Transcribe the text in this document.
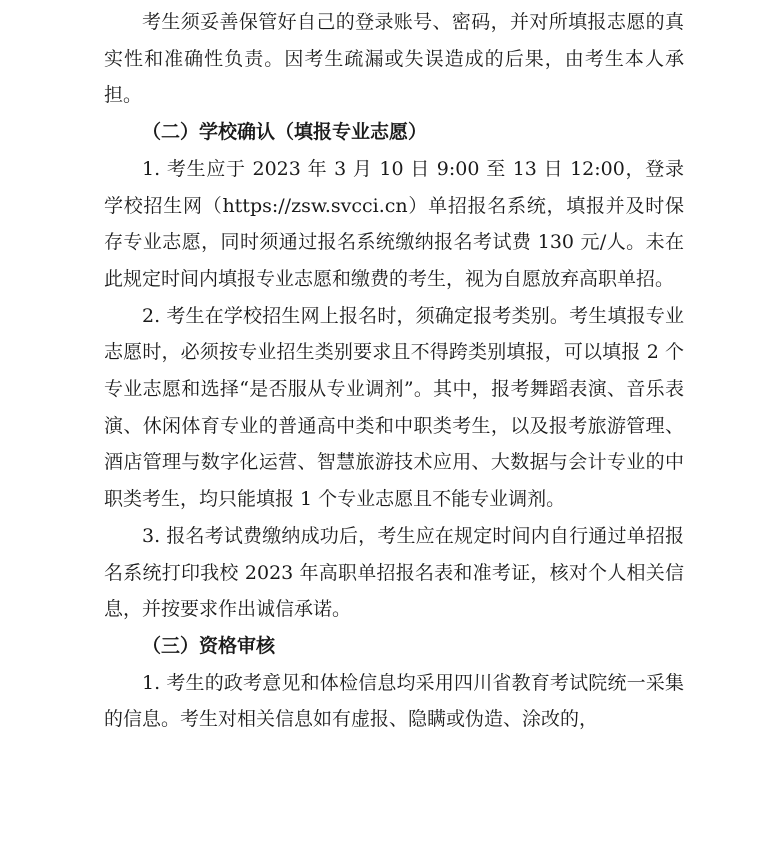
考生须妥善保管好自己的登录账号、密码，并对所填报志愿的真实性和准确性负责。因考生疏漏或失误造成的后果，由考生本人承担。

（二）学校确认（填报专业志愿）

1. 考生应于 2023 年 3 月 10 日 9:00 至 13 日 12:00，登录学校招生网（https://zsw.svcci.cn）单招报名系统，填报并及时保存专业志愿，同时须通过报名系统缴纳报名考试费 130 元/人。未在此规定时间内填报专业志愿和缴费的考生，视为自愿放弃高职单招。

2. 考生在学校招生网上报名时，须确定报考类别。考生填报专业志愿时，必须按专业招生类别要求且不得跨类别填报，可以填报 2 个专业志愿和选择“是否服从专业调剂”。其中，报考舞蹈表演、音乐表演、休闲体育专业的普通高中类和中职类考生，以及报考旅游管理、酒店管理与数字化运营、智慧旅游技术应用、大数据与会计专业的中职类考生，均只能填报 1 个专业志愿且不能专业调剂。

3. 报名考试费缴纳成功后，考生应在规定时间内自行通过单招报名系统打印我校 2023 年高职单招报名表和准考证，核对个人相关信息，并按要求作出诚信承诺。

（三）资格审核

1. 考生的政考意见和体检信息均采用四川省教育考试院统一采集的信息。考生对相关信息如有虚报、隐瞒或伪造、涂改的，
